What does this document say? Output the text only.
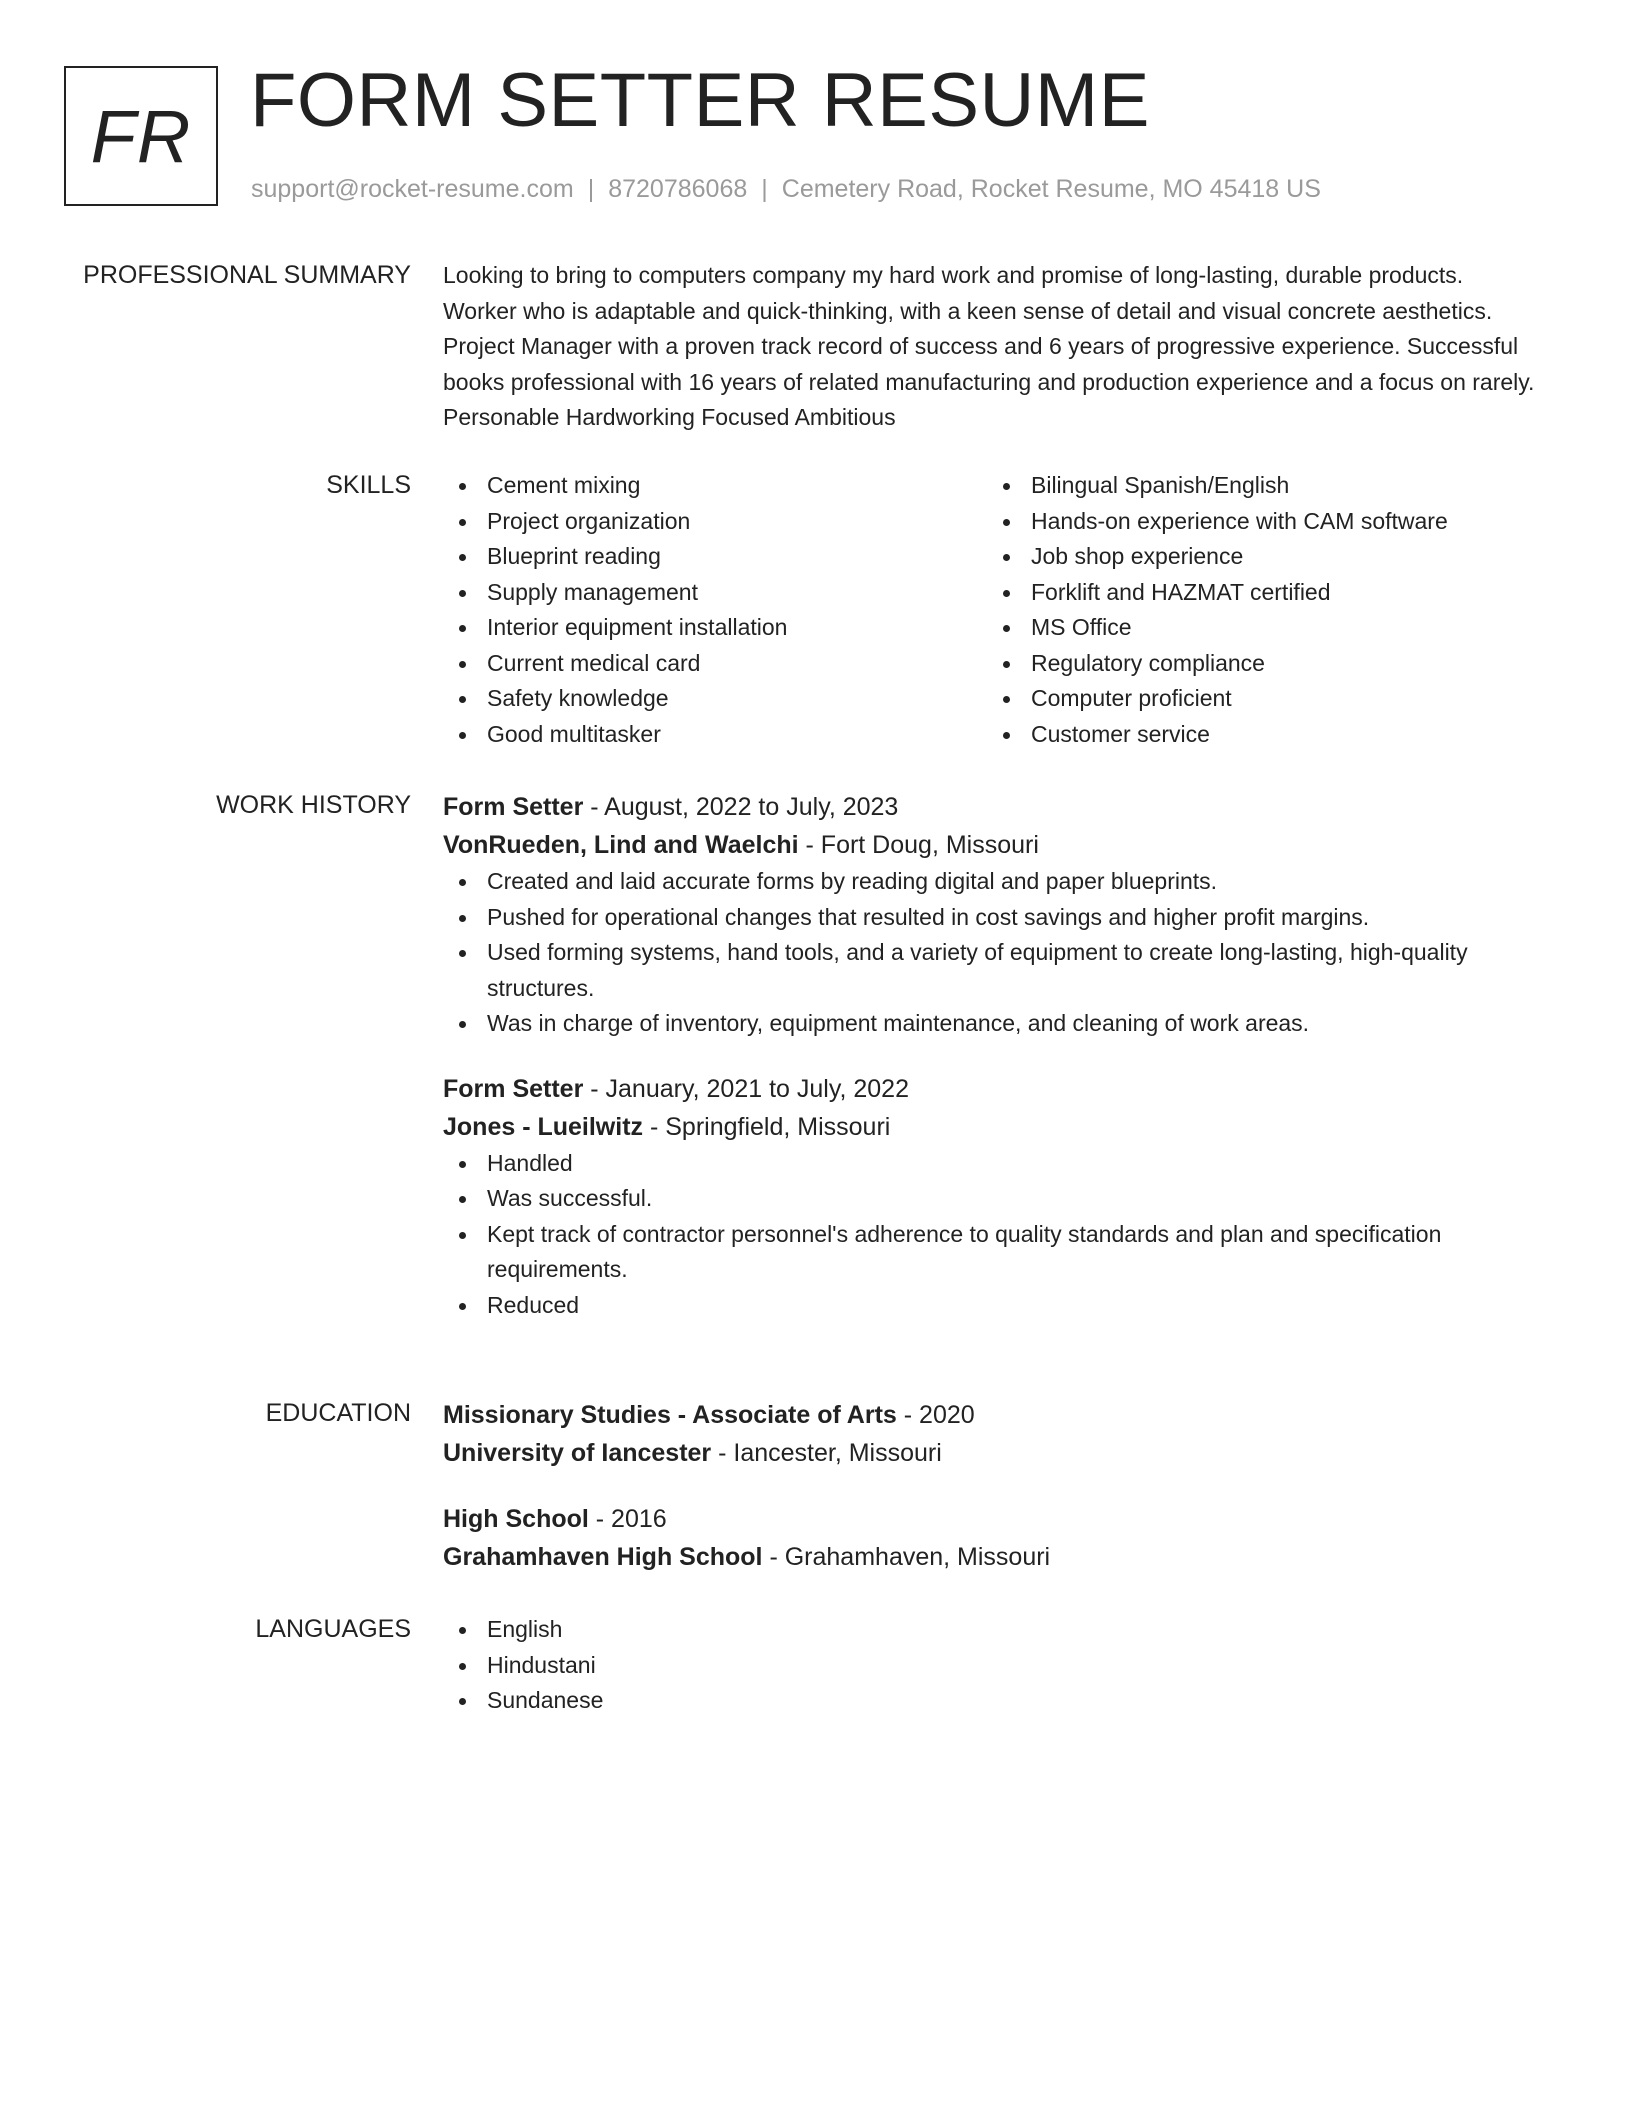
FR FORM SETTER RESUME
support@rocket-resume.com | 8720786068 | Cemetery Road, Rocket Resume, MO 45418 US
PROFESSIONAL SUMMARY Looking to bring to computers company my hard work and promise of long-lasting, durable products. Worker who is adaptable and quick-thinking, with a keen sense of detail and visual concrete aesthetics. Project Manager with a proven track record of success and 6 years of progressive experience. Successful books professional with 16 years of related manufacturing and production experience and a focus on rarely. Personable Hardworking Focused Ambitious

SKILLS	Cement mixing
Project organization
Blueprint reading
Supply management
Interior equipment installation
Current medical card
Safety knowledge
Good multitasker
Bilingual Spanish/English
Hands-on experience with CAM software
Job shop experience
Forklift and HAZMAT certified
MS Office
Regulatory compliance
Computer proficient
Customer service
WORK HISTORY Form Setter - August, 2022 to July, 2023
VonRueden, Lind and Waelchi - Fort Doug, Missouri
Created and laid accurate forms by reading digital and paper blueprints.
Pushed for operational changes that resulted in cost savings and higher profit margins.
Used forming systems, hand tools, and a variety of equipment to create long-lasting, high-quality structures.
Was in charge of inventory, equipment maintenance, and cleaning of work areas.
Form Setter - January, 2021 to July, 2022
Jones - Lueilwitz - Springfield, Missouri
Handled
Was successful.
Kept track of contractor personnel's adherence to quality standards and plan and specification requirements.
Reduced
EDUCATION Missionary Studies - Associate of Arts - 2020
University of Iancester - Iancester, Missouri
High School - 2016
Grahamhaven High School - Grahamhaven, Missouri
LANGUAGES	English
Hindustani
Sundanese
